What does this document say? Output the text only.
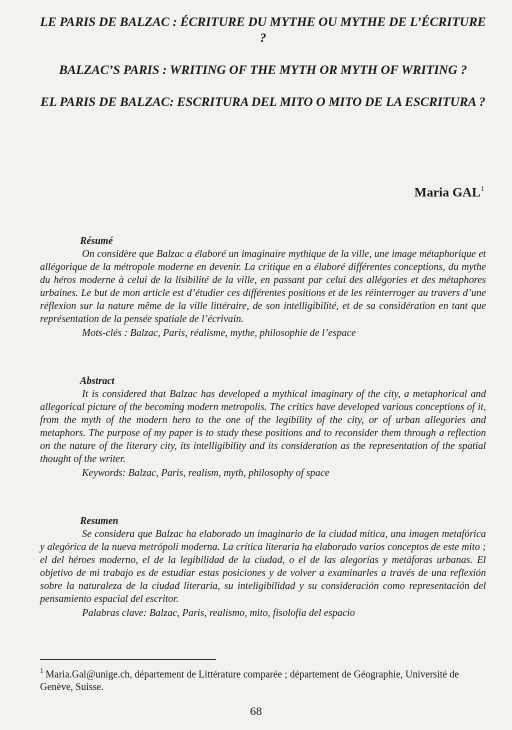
LE PARIS DE BALZAC : ÉCRITURE DU MYTHE OU MYTHE DE L’ÉCRITURE ?

BALZAC’S PARIS : WRITING OF THE MYTH OR MYTH OF WRITING ?

EL PARIS DE BALZAC: ESCRITURA DEL MITO O MITO DE LA ESCRITURA ?

Maria GAL$^1$

Résumé

On considère que Balzac a élaboré un imaginaire mythique de la ville, une image métaphorique et allégorique de la métropole moderne en devenir. La critique en a élaboré différentes conceptions, du mythe du héros moderne à celui de la lisibilité de la ville, en passant par celui des allégories et des métaphores urbaines. Le but de mon article est d’étudier ces différentes positions et de les réinterroger au travers d’une réflexion sur la nature même de la ville littéraire, de son intelligibilité, et de sa considération en tant que représentation de la pensée spatiale de l’écrivain.

Mots-clés : Balzac, Paris, réalisme, mythe, philosophie de l’espace

Abstract

It is considered that Balzac has developed a mythical imaginary of the city, a metaphorical and allegorical picture of the becoming modern metropolis. The critics have developed various conceptions of it, from the myth of the modern hero to the one of the legibility of the city, or of urban allegories and metaphors. The purpose of my paper is to study these positions and to reconsider them through a reflection on the nature of the literary city, its intelligibility and its consideration as the representation of the spatial thought of the writer.

Keywords: Balzac, Paris, realism, myth, philosophy of space

Resumen

Se considera que Balzac ha elaborado un imaginario de la ciudad mítica, una imagen metafórica y alegórica de la nueva metrópoli moderna. La crítica literaria ha elaborado varios conceptos de este mito ; el del héroes moderno, el de la legibilidad de la ciudad, o el de las alegorías y metáforas urbanas. El objetivo de mi trabajo es de estudiar estas posiciones y de volver a examinarles a través de una reflexión sobre la naturaleza de la ciudad literaria, su inteligibilidad y su consideración como representación del pensamiento espacial del escritor.

Palabras clave: Balzac, Paris, realismo, mito, fisolofía del espacio

$^1$ Maria.Gal@unige.ch, département de Littérature comparée ; département de Géographie, Université de Genève, Suisse.

68
